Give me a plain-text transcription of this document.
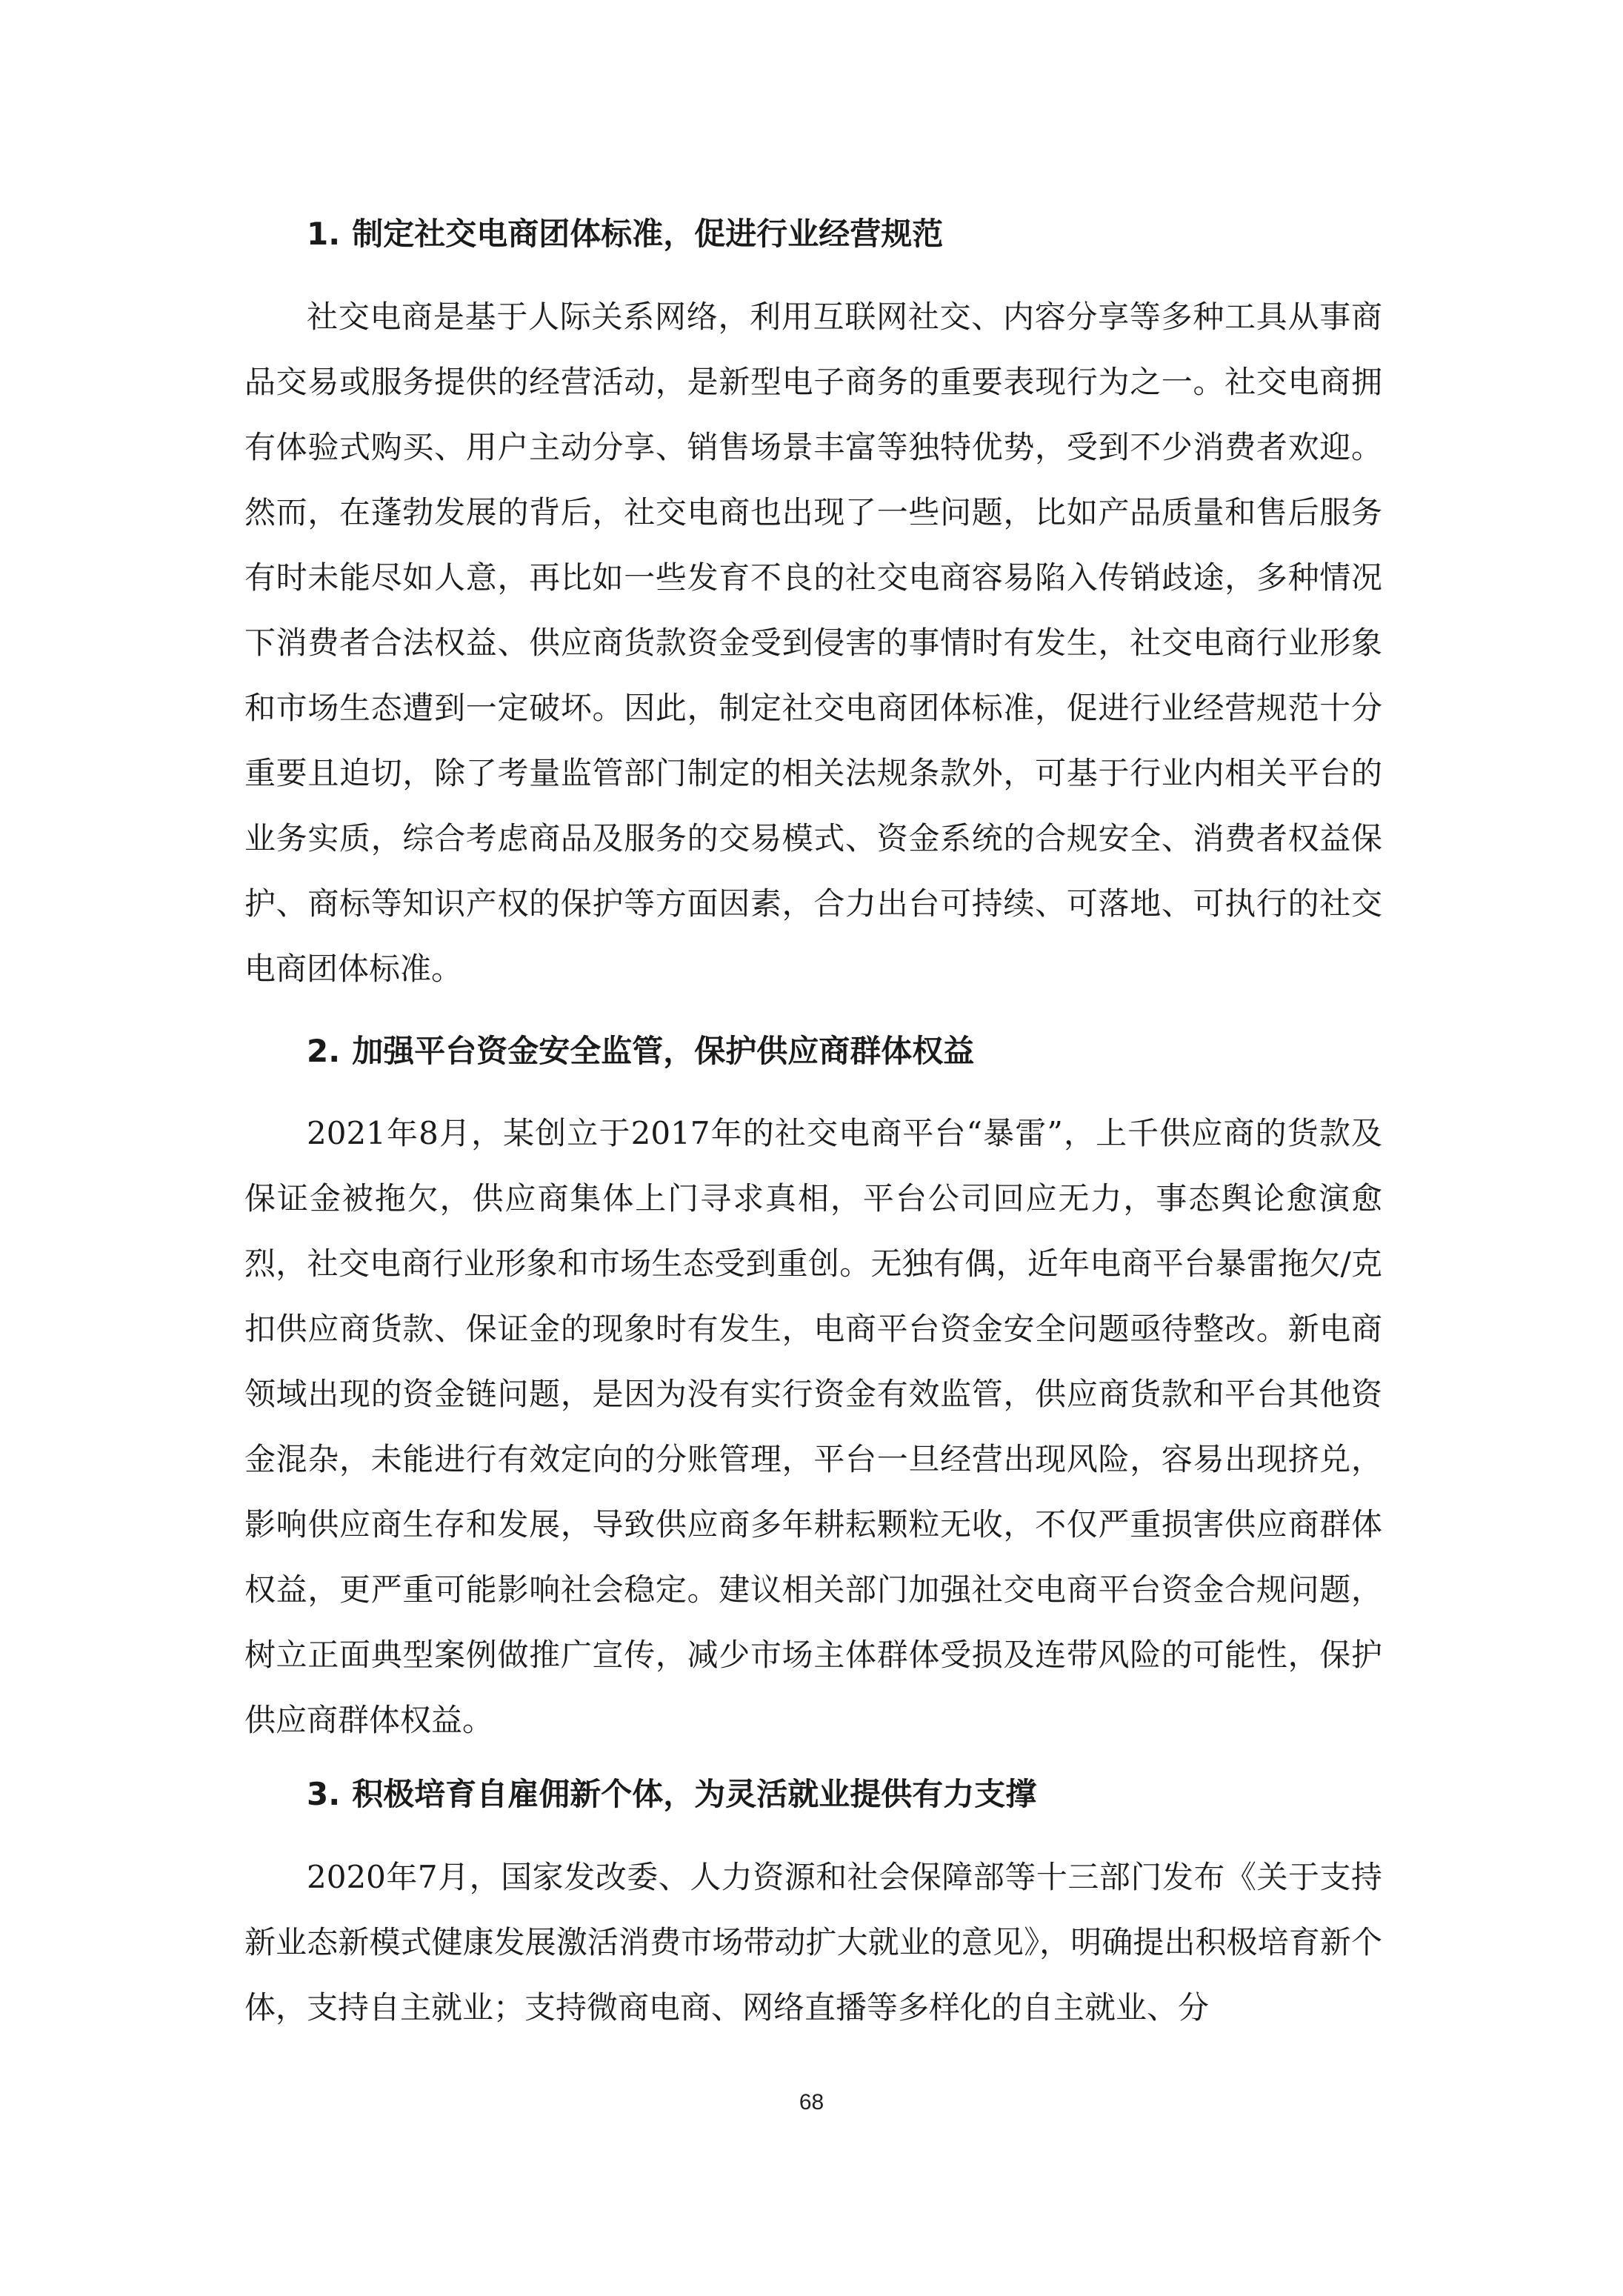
1. 制定社交电商团体标准，促进行业经营规范

社交电商是基于人际关系网络，利用互联网社交、内容分享等多种工具从事商品交易或服务提供的经营活动，是新型电子商务的重要表现行为之一。社交电商拥有体验式购买、用户主动分享、销售场景丰富等独特优势，受到不少消费者欢迎。然而，在蓬勃发展的背后，社交电商也出现了一些问题，比如产品质量和售后服务有时未能尽如人意，再比如一些发育不良的社交电商容易陷入传销歧途，多种情况下消费者合法权益、供应商货款资金受到侵害的事情时有发生，社交电商行业形象和市场生态遭到一定破坏。因此，制定社交电商团体标准，促进行业经营规范十分重要且迫切，除了考量监管部门制定的相关法规条款外，可基于行业内相关平台的业务实质，综合考虑商品及服务的交易模式、资金系统的合规安全、消费者权益保护、商标等知识产权的保护等方面因素，合力出台可持续、可落地、可执行的社交电商团体标准。

2. 加强平台资金安全监管，保护供应商群体权益

2021年8月，某创立于2017年的社交电商平台“暴雷”，上千供应商的货款及保证金被拖欠，供应商集体上门寻求真相，平台公司回应无力，事态舆论愈演愈烈，社交电商行业形象和市场生态受到重创。无独有偶，近年电商平台暴雷拖欠/克扣供应商货款、保证金的现象时有发生，电商平台资金安全问题亟待整改。新电商领域出现的资金链问题，是因为没有实行资金有效监管，供应商货款和平台其他资金混杂，未能进行有效定向的分账管理，平台一旦经营出现风险，容易出现挤兑，影响供应商生存和发展，导致供应商多年耕耘颗粒无收，不仅严重损害供应商群体权益，更严重可能影响社会稳定。建议相关部门加强社交电商平台资金合规问题，树立正面典型案例做推广宣传，减少市场主体群体受损及连带风险的可能性，保护供应商群体权益。

3. 积极培育自雇佣新个体，为灵活就业提供有力支撑

2020年7月，国家发改委、人力资源和社会保障部等十三部门发布《关于支持新业态新模式健康发展激活消费市场带动扩大就业的意见》，明确提出积极培育新个体，支持自主就业；支持微商电商、网络直播等多样化的自主就业、分

68
